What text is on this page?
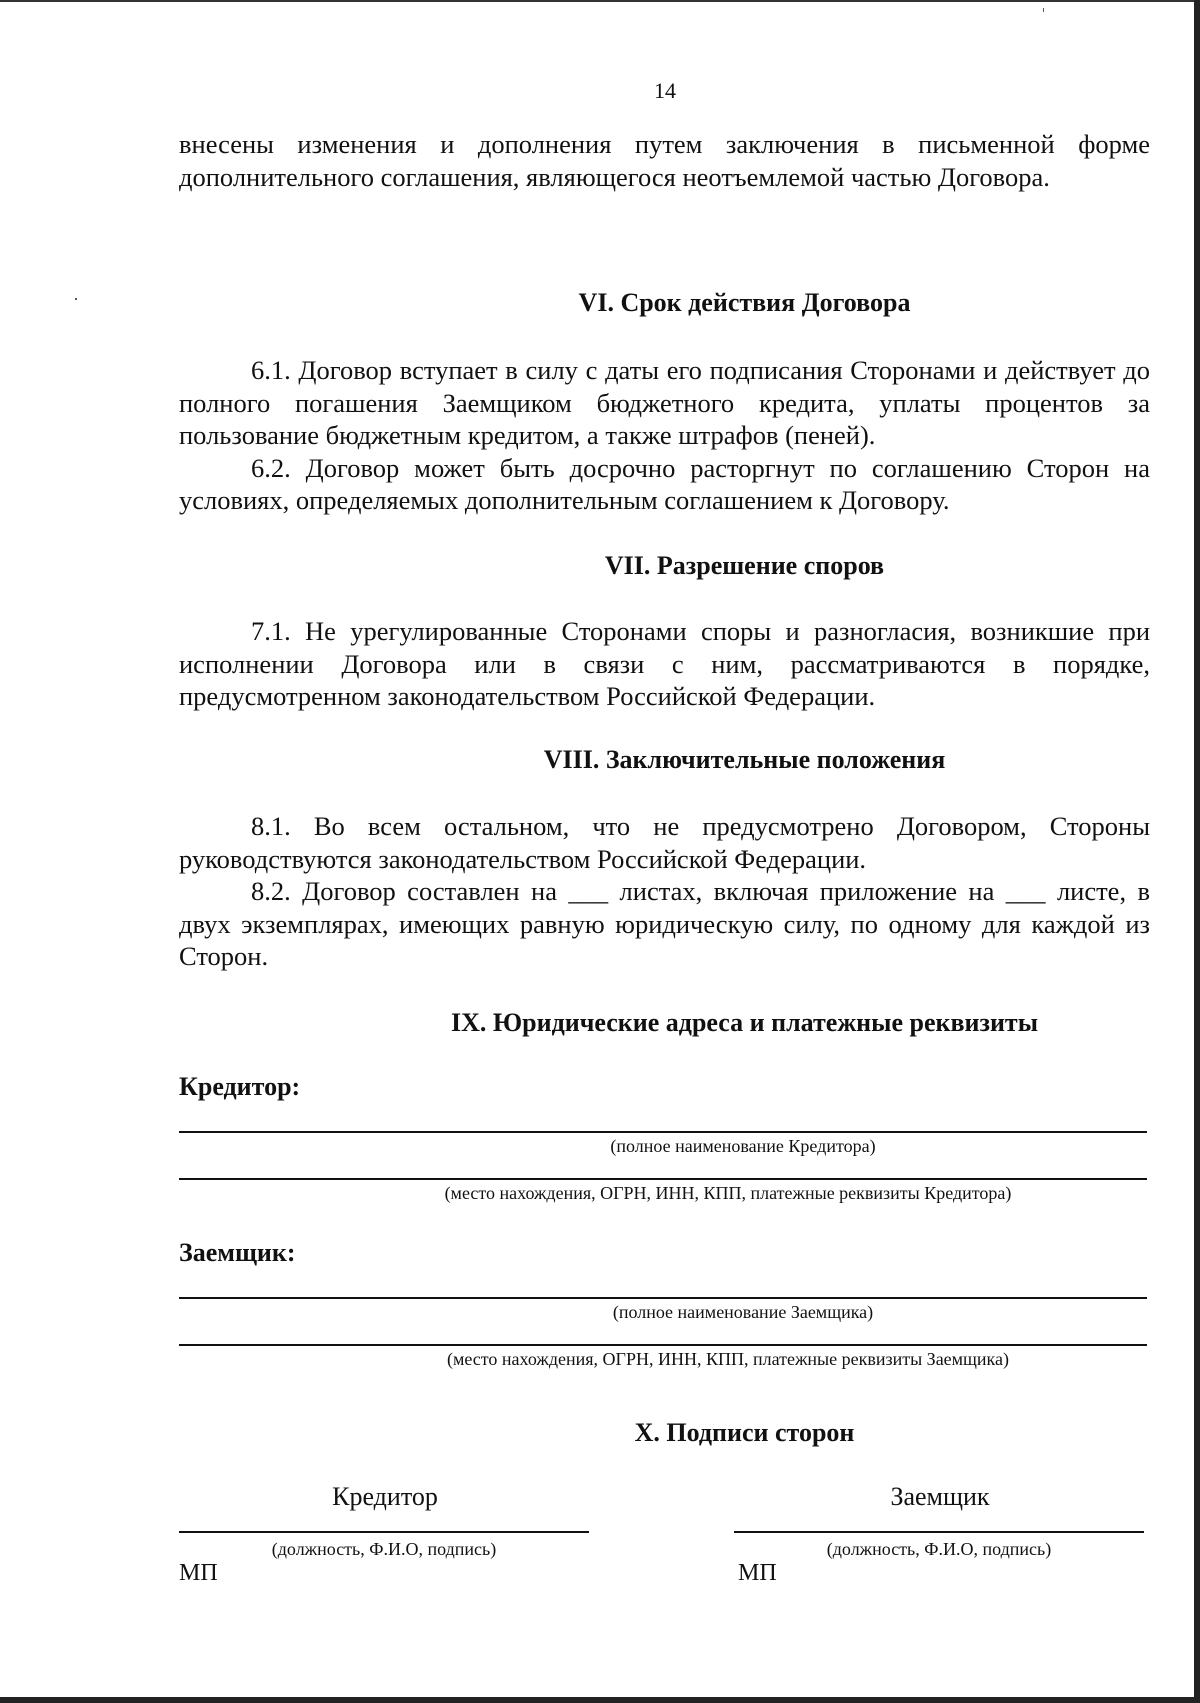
14

внесены изменения и дополнения путем заключения в письменной форме дополнительного соглашения, являющегося неотъемлемой частью Договора.

VI. Срок действия Договора

6.1. Договор вступает в силу с даты его подписания Сторонами и действует до полного погашения Заемщиком бюджетного кредита, уплаты процентов за пользование бюджетным кредитом, а также штрафов (пеней).

6.2. Договор может быть досрочно расторгнут по соглашению Сторон на условиях, определяемых дополнительным соглашением к Договору.

VII. Разрешение споров

7.1. Не урегулированные Сторонами споры и разногласия, возникшие при исполнении Договора или в связи с ним, рассматриваются в порядке, предусмотренном законодательством Российской Федерации.

VIII. Заключительные положения

8.1. Во всем остальном, что не предусмотрено Договором, Стороны руководствуются законодательством Российской Федерации.

8.2. Договор составлен на ___ листах, включая приложение на ___ листе, в двух экземплярах, имеющих равную юридическую силу, по одному для каждой из Сторон.

IX. Юридические адреса и платежные реквизиты
Кредитор:
(полное наименование Кредитора)
(место нахождения, ОГРН, ИНН, КПП, платежные реквизиты Кредитора)
Заемщик:
(полное наименование Заемщика)
(место нахождения, ОГРН, ИНН, КПП, платежные реквизиты Заемщика)
X. Подписи сторон
Кредитор	Заемщик
(должность, Ф.И.О, подпись)	(должность, Ф.И.О, подпись)
МП	МП
